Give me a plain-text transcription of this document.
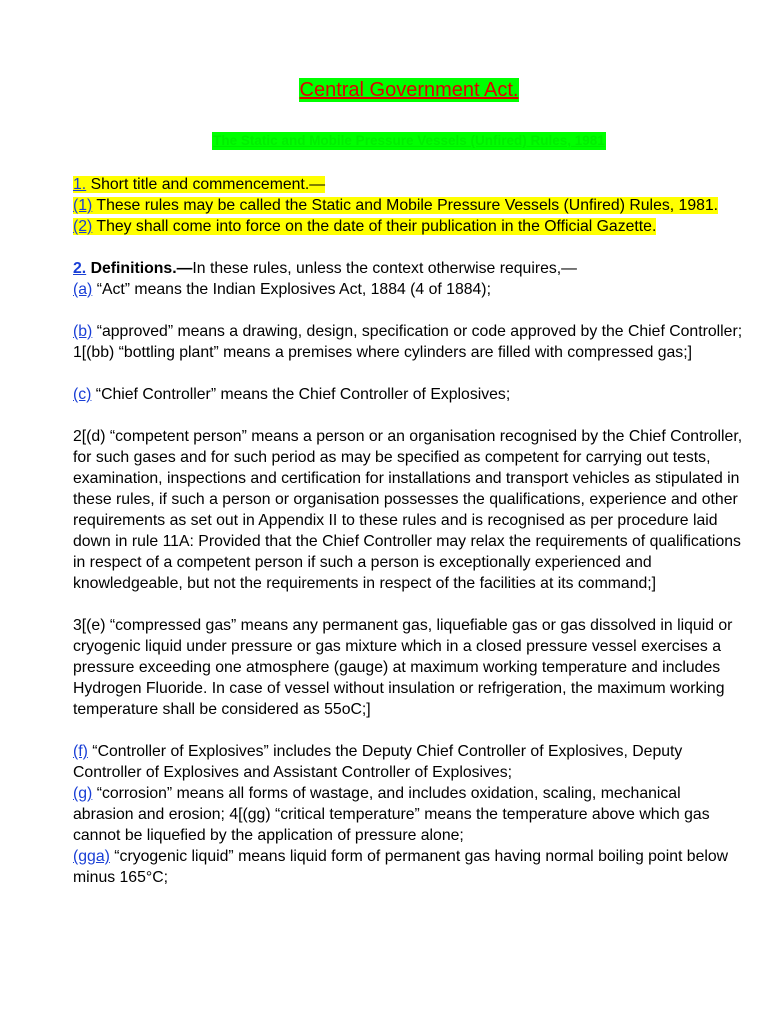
Central Government Act.
The Static and Mobile Pressure Vessels (Unfired) Rules, 1981

1. Short title and commencement.—

(1) These rules may be called the Static and Mobile Pressure Vessels (Unfired) Rules, 1981.

(2) They shall come into force on the date of their publication in the Official Gazette.

2. Definitions.—In these rules, unless the context otherwise requires,—

(a) “Act” means the Indian Explosives Act, 1884 (4 of 1884);

(b) “approved” means a drawing, design, specification or code approved by the Chief Controller; 1[(bb) “bottling plant” means a premises where cylinders are filled with compressed gas;]

(c) “Chief Controller” means the Chief Controller of Explosives;

2[(d) “competent person” means a person or an organisation recognised by the Chief Controller, for such gases and for such period as may be specified as competent for carrying out tests, examination, inspections and certification for installations and transport vehicles as stipulated in these rules, if such a person or organisation possesses the qualifications, experience and other requirements as set out in Appendix II to these rules and is recognised as per procedure laid down in rule 11A: Provided that the Chief Controller may relax the requirements of qualifications in respect of a competent person if such a person is exceptionally experienced and knowledgeable, but not the requirements in respect of the facilities at its command;]

3[(e) “compressed gas” means any permanent gas, liquefiable gas or gas dissolved in liquid or cryogenic liquid under pressure or gas mixture which in a closed pressure vessel exercises a pressure exceeding one atmosphere (gauge) at maximum working temperature and includes Hydrogen Fluoride. In case of vessel without insulation or refrigeration, the maximum working temperature shall be considered as 55oC;]

(f) “Controller of Explosives” includes the Deputy Chief Controller of Explosives, Deputy Controller of Explosives and Assistant Controller of Explosives;

(g) “corrosion” means all forms of wastage, and includes oxidation, scaling, mechanical abrasion and erosion; 4[(gg) “critical temperature” means the temperature above which gas cannot be liquefied by the application of pressure alone;

(gga) “cryogenic liquid” means liquid form of permanent gas having normal boiling point below minus 165°C;
